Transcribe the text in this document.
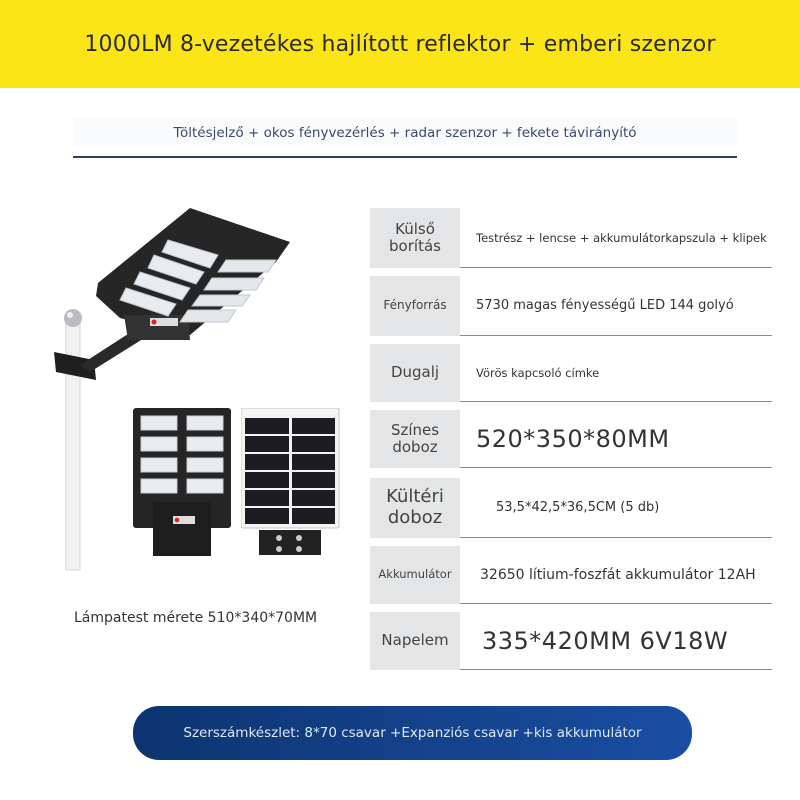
1000LM 8-vezetékes hajlított reflektor + emberi szenzor
Töltésjelző + okos fényvezérlés + radar szenzor + fekete távirányító
Lámpatest mérete 510*340*70MM
Külső borítás	Testrész + lencse + akkumulátorkapszula + klipek
Fényforrás	5730 magas fényességű LED 144 golyó
Dugalj	Vörös kapcsoló címke
Színes doboz	520*350*80MM
Kültéri doboz	53,5*42,5*36,5CM (5 db)
Akkumulátor	32650 lítium-foszfát akkumulátor 12AH
Napelem	335*420MM 6V18W
Szerszámkészlet: 8*70 csavar +Expanziós csavar +kis akkumulátor
